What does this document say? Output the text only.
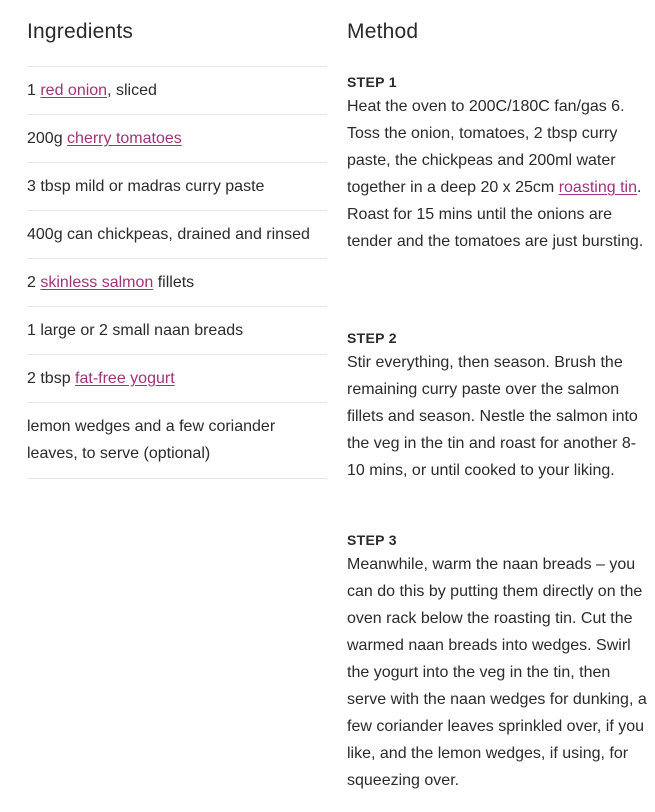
Ingredients
1 red onion, sliced
200g cherry tomatoes
3 tbsp mild or madras curry paste
400g can chickpeas, drained and rinsed
2 skinless salmon fillets
1 large or 2 small naan breads
2 tbsp fat-free yogurt
lemon wedges and a few coriander leaves, to serve (optional)
Method

STEP 1

Heat the oven to 200C/180C fan/gas 6. Toss the onion, tomatoes, 2 tbsp curry paste, the chickpeas and 200ml water together in a deep 20 x 25cm roasting tin. Roast for 15 mins until the onions are tender and the tomatoes are just bursting.

STEP 2

Stir everything, then season. Brush the remaining curry paste over the salmon fillets and season. Nestle the salmon into the veg in the tin and roast for another 8-10 mins, or until cooked to your liking.

STEP 3

Meanwhile, warm the naan breads – you can do this by putting them directly on the oven rack below the roasting tin. Cut the warmed naan breads into wedges. Swirl the yogurt into the veg in the tin, then serve with the naan wedges for dunking, a few coriander leaves sprinkled over, if you like, and the lemon wedges, if using, for squeezing over.
